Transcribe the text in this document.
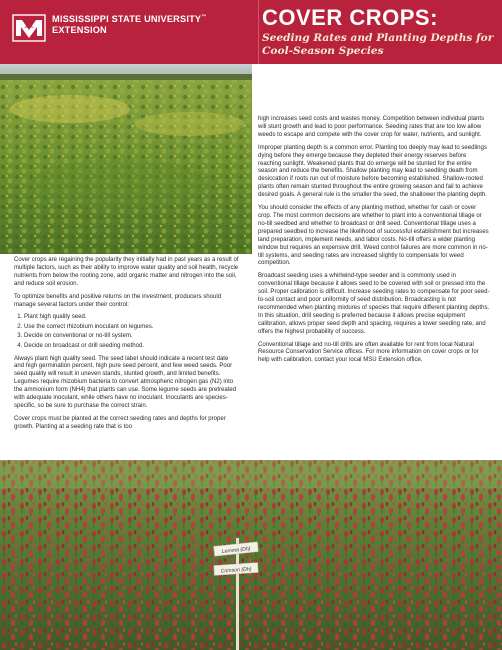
MISSISSIPPI STATE UNIVERSITY™
EXTENSION	COVER CROPS:
Seeding Rates and Planting Depths for Cool-Season Species

Cover crops are regaining the popularity they initially had in past years as a result of multiple factors, such as their ability to improve water quality and soil health, recycle nutrients from below the rooting zone, add organic matter and nitrogen into the soil, and reduce soil erosion.

To optimize benefits and positive returns on the investment, producers should manage several factors under their control:

1. Plant high quality seed.
2. Use the correct rhizobium inoculant on legumes.
3. Decide on conventional or no-till system.
4. Decide on broadcast or drill seeding method.

Always plant high quality seed. The seed label should indicate a recent test date and high germination percent, high pure seed percent, and few weed seeds. Poor seed quality will result in uneven stands, stunted growth, and limited benefits. Legumes require rhizobium bacteria to convert atmospheric nitrogen gas (N2) into the ammonium form (NH4) that plants can use. Some legume seeds are pretreated with adequate inoculant, while others have no inoculant. Inoculants are species-specific, so be sure to purchase the correct strain.

Cover crops must be planted at the correct seeding rates and depths for proper growth. Planting at a seeding rate that is too

high increases seed costs and wastes money. Competition between individual plants will stunt growth and lead to poor performance. Seeding rates that are too low allow weeds to escape and compete with the cover crop for water, nutrients, and sunlight.

Improper planting depth is a common error. Planting too deeply may lead to seedlings dying before they emerge because they depleted their energy reserves before reaching sunlight. Weakened plants that do emerge will be stunted for the entire season and reduce the benefits. Shallow planting may lead to seedling death from desiccation if roots run out of moisture before becoming established. Shallow-rooted plants often remain stunted throughout the entire growing season and fail to achieve desired goals. A general rule is the smaller the seed, the shallower the planting depth.

You should consider the effects of any planting method, whether for cash or cover crop. The most common decisions are whether to plant into a conventional tillage or no-till seedbed and whether to broadcast or drill seed. Conventional tillage uses a prepared seedbed to increase the likelihood of successful establishment but increases land preparation, implement needs, and labor costs. No-till offers a wider planting window but requires an expensive drill. Weed control failures are more common in no-till systems, and seeding rates are increased slightly to compensate for weed competition.

Broadcast seeding uses a whirlwind-type seeder and is commonly used in conventional tillage because it allows seed to be covered with soil or pressed into the soil. Proper calibration is difficult. Increase seeding rates to compensate for poor seed-to-soil contact and poor uniformity of seed distribution. Broadcasting is not recommended when planting mixtures of species that require different planting depths. In this situation, drill seeding is preferred because it allows precise equipment calibration, allows proper seed depth and spacing, requires a lower seeding rate, and offers the highest probability of success.

Conventional tillage and no-till drills are often available for rent from local Natural Resource Conservation Service offices. For more information on cover crops or for help with calibration, contact your local MSU Extension office.

Lemma (Dh)
Crimson (Dh)
